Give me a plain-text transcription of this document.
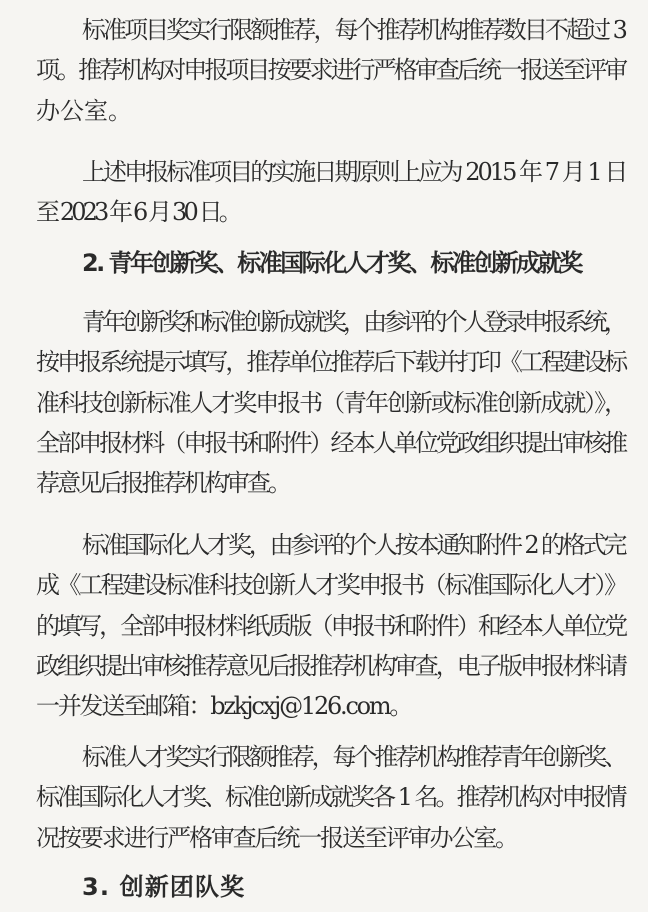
标准项目奖实行限额推荐，每个推荐机构推荐数目不超过 3
项。推荐机构对申报项目按要求进行严格审查后统一报送至评审
办公室。
上述申报标准项目的实施日期原则上应为 2015 年 7 月 1 日
至 2023 年 6 月 30 日。
2. 青年创新奖、标准国际化人才奖、标准创新成就奖
青年创新奖和标准创新成就奖，由参评的个人登录申报系统，
按申报系统提示填写，推荐单位推荐后下载并打印《工程建设标
准科技创新标准人才奖申报书（青年创新或标准创新成就）》，
全部申报材料（申报书和附件）经本人单位党政组织提出审核推
荐意见后报推荐机构审查。
标准国际化人才奖，由参评的个人按本通知附件 2 的格式完
成《工程建设标准科技创新人才奖申报书（标准国际化人才）》
的填写，全部申报材料纸质版（申报书和附件）和经本人单位党
政组织提出审核推荐意见后报推荐机构审查，电子版申报材料请
一并发送至邮箱：bzkjcxj@126.com。
标准人才奖实行限额推荐，每个推荐机构推荐青年创新奖、
标准国际化人才奖、标准创新成就奖各 1 名。推荐机构对申报情
况按要求进行严格审查后统一报送至评审办公室。
3. 创新团队奖
